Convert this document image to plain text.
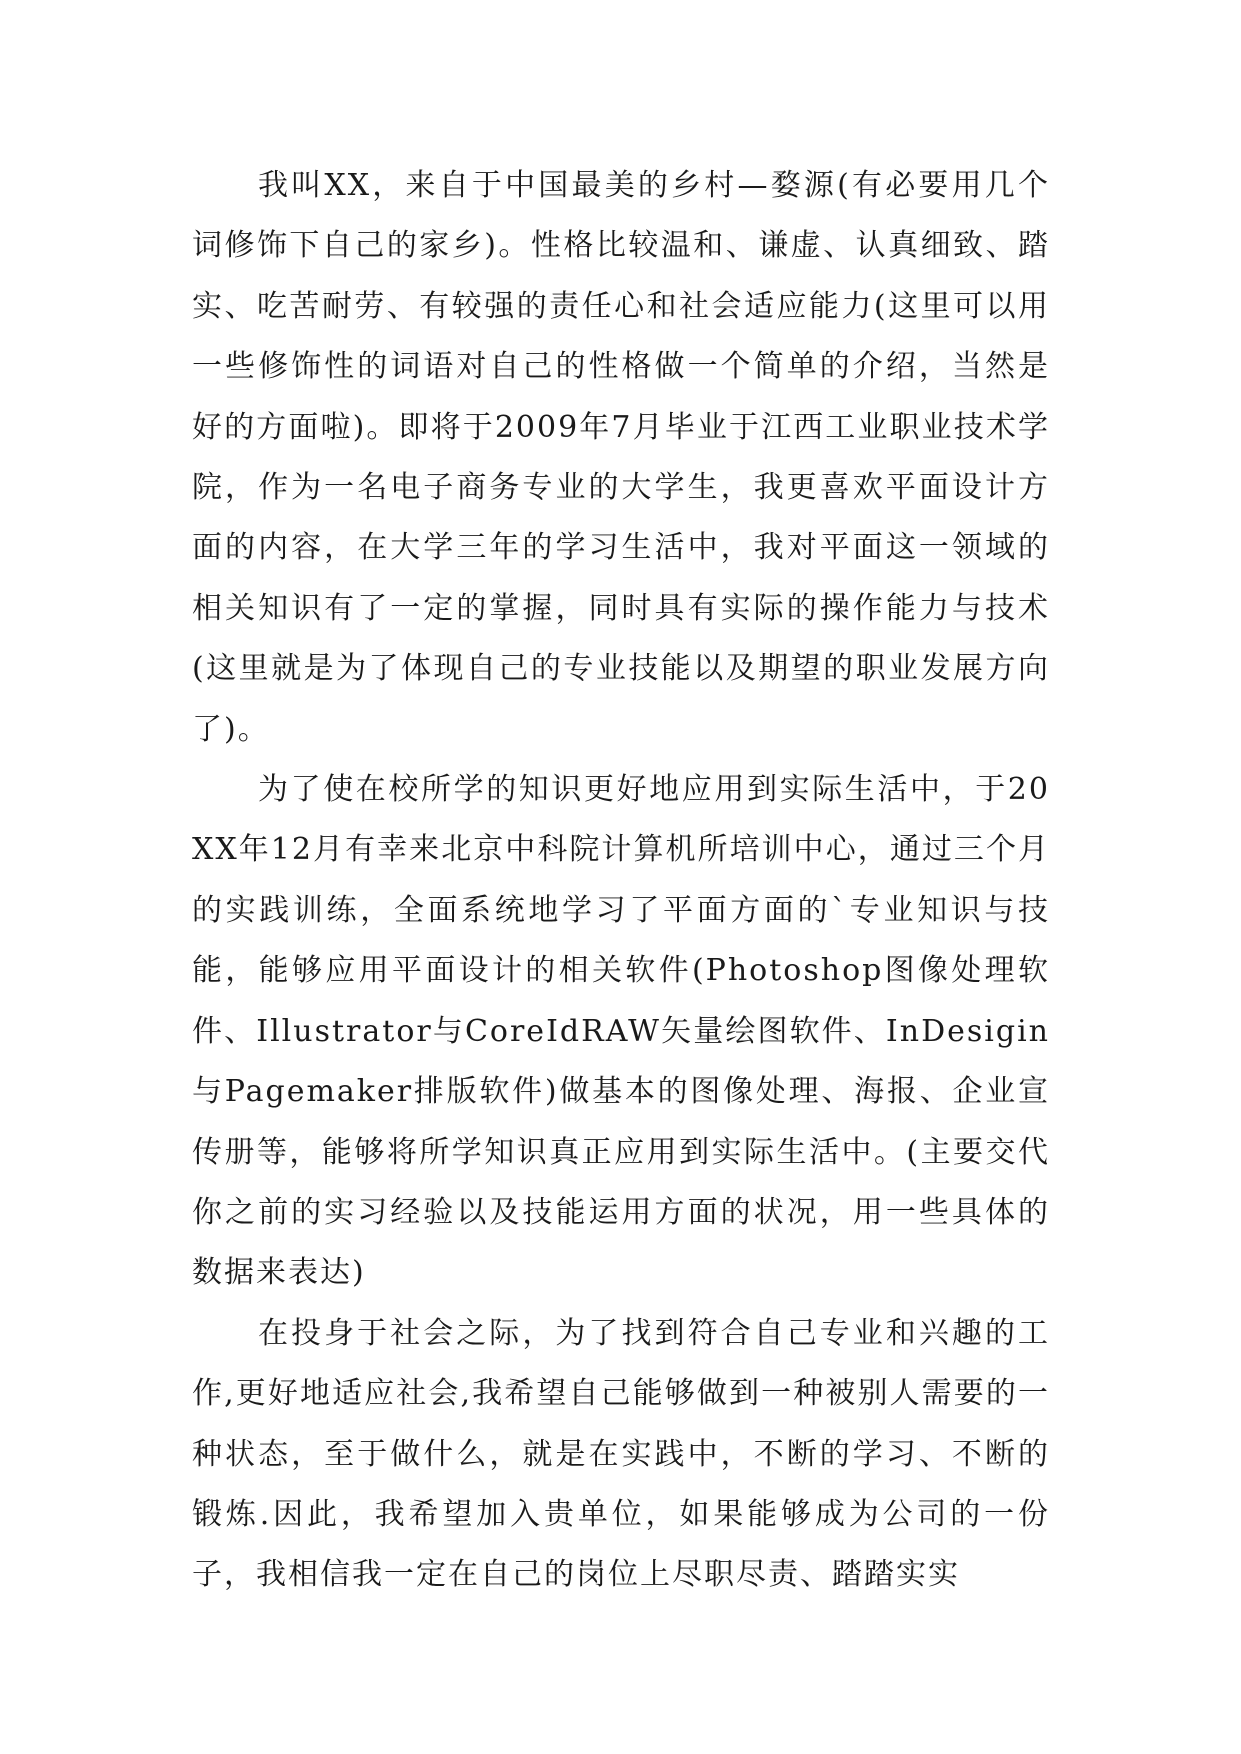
我叫XX，来自于中国最美的乡村—婺源(有必要用几个词修饰下自己的家乡)。性格比较温和、谦虚、认真细致、踏实、吃苦耐劳、有较强的责任心和社会适应能力(这里可以用一些修饰性的词语对自己的性格做一个简单的介绍，当然是好的方面啦)。即将于2009年7月毕业于江西工业职业技术学院，作为一名电子商务专业的大学生，我更喜欢平面设计方面的内容，在大学三年的学习生活中，我对平面这一领域的相关知识有了一定的掌握，同时具有实际的操作能力与技术(这里就是为了体现自己的专业技能以及期望的职业发展方向了)。

为了使在校所学的知识更好地应用到实际生活中，于20XX年12月有幸来北京中科院计算机所培训中心，通过三个月的实践训练，全面系统地学习了平面方面的`专业知识与技能，能够应用平面设计的相关软件(Photoshop图像处理软件、Illustrator与CoreIdRAW矢量绘图软件、InDesigin与Pagemaker排版软件)做基本的图像处理、海报、企业宣传册等，能够将所学知识真正应用到实际生活中。(主要交代你之前的实习经验以及技能运用方面的状况，用一些具体的数据来表达)

在投身于社会之际，为了找到符合自己专业和兴趣的工作,更好地适应社会,我希望自己能够做到一种被别人需要的一种状态，至于做什么，就是在实践中，不断的学习、不断的锻炼.因此，我希望加入贵单位，如果能够成为公司的一份子，我相信我一定在自己的岗位上尽职尽责、踏踏实实
